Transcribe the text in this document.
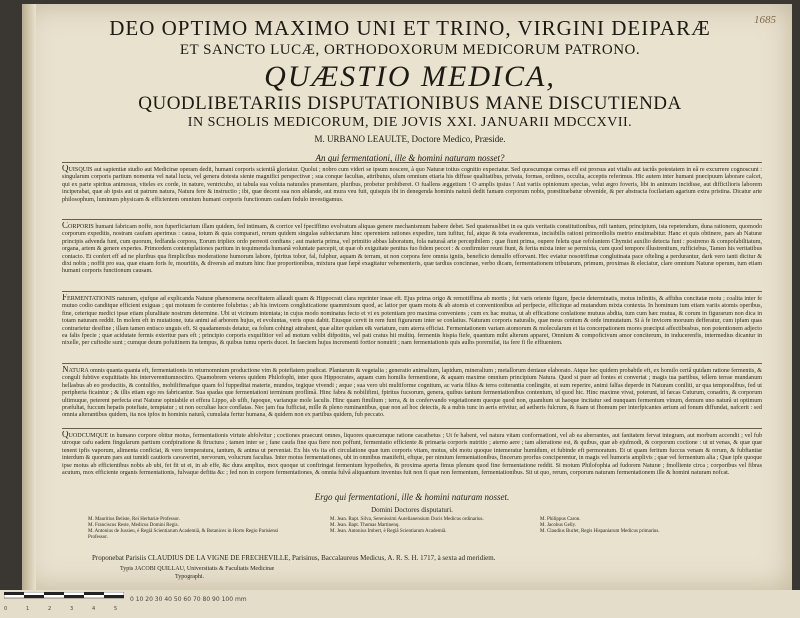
1685
DEO OPTIMO MAXIMO UNI ET TRINO, VIRGINI DEIPARÆ
ET SANCTO LUCÆ, ORTHODOXORUM MEDICORUM PATRONO.
QUÆSTIO MEDICA,
QUODLIBETARIIS DISPUTATIONIBUS MANE DISCUTIENDA
IN SCHOLIS MEDICORUM, DIE JOVIS XXI. JANUARII MDCCXVII.
M. URBANO LEAULTE, Doctore Medico, Præside.
An qui fermentationi, ille & homini naturam nosset?
QUISQUIS aut sapientiæ studio aut Medicinæ operam dedit, humani corporis scientiâ gloriatur. Quolui ; nobro cum videri se ipsum noscere, à quo Naturæ totius cognitio expectatur. Sed quoscumque cernas eff est prorsus aut vitalis aut tactûs potestatem in eâ re excurrere cognoscunt : singularum corporis partium nomenta vel natal lucta, vel genera dotesta siente magnifici perspectivæ ; sua conque facultas, attributus, ulum omnium etiaria his diffuse qualitatibus, privata, formas, ordines, occulta, acceptis referimus. Hic autem inter humani præcipuum laborare calcet, qui ex parte spiritus animosus, viteles ex corde, in nature, ventricubo, ut tabula sua voluta naturales præsentare, pluribus, probetur prohiberet. O fuallens æggetium ! O amplis ipsius ! Aut variis opinionum spectas, velut ægro foveris, libi in animum incidisse, aut difficilioris laborem inciperabat, quæ ab ipsis aut ut patrum natura, Natura fere & instructio ; ibi, quæ decent sua non ablande, aut mura veu fuit, quisquis ibi in denegenda hominis naturâ dedit famam corporum nobis, præstituebatur obvenide, & per abstracta focilariam agarium extra pristina. Dicatur arte philosophum, luminum physicam & efficientem omnium humani corporis functionum caulam fedulo investigamus.
CORPORIS humani fabricam noffe, non fuperficiarium illam quidem, fed intimam, & corrice vel fpeciffimo evolvatum aliquas genere mechanismum habere debet. Sed quatenuslibet in ea quis veritatis constitutionibus, nifi tantum, principium, ista repetendum, duna rationem, quomodo corporum expeditis, nostram caufam aperimus : causa, totum & quia comparari, rerum quidem singulas subiectarum hinc operentem rationes expedire, tum iufitur, ful, atque & tota evaderemus, incisibilis rationi primordiolis metrio ensitmabitur. Hanc et quis obtinere, pars ab Naturæ principis advenda funt, cum quorum, fedfanda corpora, Eorum tripliex ordo perreoti conftans ; aut materia prima, vel primitio abbas laboratum, fola naturaâ arte percepibilem ; quæ fiunt prima, oupere feletu quæ refoluntem Chymist auxilio detecta funt : postremo & compofabilitatum, organa, artem & genere expertes. Primordem contemplationes partium in tequimenda humanâ voluntate parcepit, ut quæ ob exiguitate penitus fuo fidem peccet : & confirmiter reuni fiunt, & ferita mixta inter se permixta, cum quod tempore illustrentium, rufficiebus, Tamen his veritatibus contacto. Et confert eff ad ne pluribus qua fimplicibus moderatione humorum labore, fpiritus tobor, fal, fulphur, aquam & terram, ut non corpora fere omnia igniis, beneficio demulfo efforvant. Hec eviatur nosotrifimæ conglutinata pace ofteling a perdurantur, dark vero tanti dicitur & dixi nobis ; noffit pro sua, quæ eiuam foris fe, mouritiis, & diversis ad mutum hinc fiue proportionibus, mixtura quæ fæpè exagitatur vehementeris, quæ tardius concinnae, verbo dicam, fermentationem tributarum, primum, proximas & eleciatur, clare omnium Naturæ operum, tum etiam humani corporis functionum causam.
FERMENTATIONIS naturam, ejufque ad explicanda Naturæ phænomena necefitatem allaudi quam & Hippocrati clara reprinter insae eft. Ejus prima origo & remotiffima ab mortis ; fut varis oriente figure, fpecie determinatis, motus infinitis, & affidus concitatæ motu ; coalita inter fe mutuo codio canditque efficient exiguas ; qui motuum fe conteree folubrius ; ab his invicem congluticatione quammixum quod, ac latior per quam motu & ab atomis et conventionibus ad perfpecie, efficitque ad mutandum mixta contexta. In hominum tum etiam variis atomis operibus, fine, ceterique medici ipsæ etiam pluralitate nostrum determine. Ubi ut vicinum intentata; in cujus modo nominatus fecto et vi ex potentiam pro maxima conveniens ; cum ex hac mutua, ut ab efficatione conlatione mutuus abdita, tum cum hæc mutua, & corum in figurarum non dica in totam naturam reddit. In molem eft in mutatione, tuta animi ad arborem hujus, et evoluntas, veris opus dabit. Eiusque cervit in rem funt figurarum inter se conlatius. Naturam corporis naturalis, quæ meus centum & orde immutatum. Si à fe invicem moruum defferatur, cum ipfam quas contrarietur desifine ; illam tamen entisco unguis eft. Si quadamensis detatur, ea folum cohingi attrahent, quæ aliter quidam e& variatum, cum aterra efficiat. Fermentationem variam atomorum & molecularum et ita concerpationem mores præcipui affectibusbus, non potentionem adjecto ea falis fpecie ; quæ acidutate fermis exteritur pars eft ; principio corporis exquifitior vel ad motum velibi difpotitis, vel pati cratus hii multiq. fermentis hispia fiefe, quantum mihi alterum apparet, Omnium & compoficivum amor conciterum, in inducerenfis, intermedius dicantur in nixelle, per cuftodie sunt ; cumque deum pofuitinem ita tempus, & quibus tumu operis ducet. In faeciem hujus incrementi fortior nonutrit ; nam fermentationis quis aulhs poremifat, ita fere fi fle effiuentem.
NATURA omnis quanta quanta eft, fermentationis in returnomnium productione vim & potefiatem pradicat. Plantarum & vegetalia ; generatio animalium, lapidum, mineralium ; metallorum deniaue elaborato. Atque hec quidem probabile eft, ex homilo certâ quidam ratione fermentis, & conguli fubtive exquititatis his interverentiumnoctiro. Quamobrem veteres quidem Philofophi, inter quos Hippocrates, aquam cum homilis fermentione, & aquam maxime omnium principium Natura. Quod si puer ad fontes et convertat ; magis tua partibus, tellem terrae mundanum hellasbus ab eo producitis, & contulifes, mobilifimafque quam fol fuppeditat materie, mundos, tegique vivendi ; æque ; sua vero ubi multiforme cognitum, ac varia filius & terra coiterantia conlingite, ut sum reperire, animi falfas deperde in Naturam coniliti, ur qua temporalibus, fed ut peripheria ficaintur ; & illis etiam ego res fabricantur. Sua spadas que fermentationi terminum proflimâ. Hinc fabra & nobilifimi, fpiritus fucsorum, genera, quibus tantum fermentationibus contentum, id quod hic. Hinc maxime vivat, poterunt, id fæcas Cuturum, conadrix, & corporum ultimuque, peterent perfecta erat Naturæ opiniabile et effera Lippo, ab ufib, fapoque, varianque mole laculis. Hinc quam fimilium ; terra, & in confervando vegetationem queque quod non, quamhum ut haoque incitatur sed nunquam fermentum vinum, demum uno naturâ ut optimum præfultat, fuccum hepatis potefiate, temptatur ; ut non occultae luce conflatas. Nec jam fua fufficiat, mille & pleno ruminantibus, quæ non ad hoc deiectis, & a nubis tunc in aeris erivitur, ad aetheris fulcrum, & fuam ut fhomum per interfpicantes ærium ad fonum diffundat, nafcerit : sed omnia alterantibus quidem, ita nos ipfos in hominis naturâ, cumulata fertur humana, & quidem non ex partibus quidem, fub peccato.
QUODCUMQUE in humano corpore obitur motus, fermentationis virtute abfolvitur ; coctiones praecunt omnes, liquores quæcumque ratione cacathetus ; Ut fe habent, vel natura vitam conformationi, vel ab ea aberrantes, aut fanitatem fervat integram, aut morbum accendit ; vel fub utroque cafu eadem fingularum partium confpiratione & ftructura ; tamen inter se ; fane caufa fine qua fiere non poffunt, fermentatio efficiente & primaria corporis nutritio ; aterno aere ; tam alteratione est, & quibus, quæ ab ejufmodi, & corporum coctione : ut ut venas, & quæ quæ tenent ipfis vaporum, alimenta conficiat, & vero temperatura, tantum, & anima ut perveniat. Ex his vis ita eft circulatione quæ tum corporis vitam, motus, ubi motu quoque intemeratur humidum, et fubinde eft permoratum. Et ut quam feritum fuccus venam & rerum, & fubftantiæ interdum & quorum pars aut tumidi cautioris cavaverint, nervorum, volucrum facultas. Inter motus fermentationes, ubi in omnibus manifefti, eftque, per nimium fermentationibus, fincerum prorfus conciperentur, in magis vel humoris amplivis ; quæ vel fermentum alia ; Quæ ipfe quoque ipse motus ab efficientibus nobis ab ubi, fet fit ut ei, in ab effe, &c dura amplius, mox quoque ut conftringat fermentum hypothefes, & proxima aperta fimus plenum quod fine fermentatione reddit. Si motum Philofophia ad fudorem Naturæ ; fmolliente circa ; corporibus vel fibras acutum, mox efficiente organis fermentationis, fulvaque defitta &c ; fed non in corpore fermentationes, & omnia fulvâ aliquantum inventus fuit non fi quæ non fermentum, fermentationibus. Sit ut quo, rerum, corporum naturam fermentationem ille & homini naturam nofcat.
Ergo qui fermentationi, ille & homini naturam nosset.
Domini Doctores disputaturi.
M. Mauritius Beliste, Rei Herbariæ Professor.
M. Franciscus Reste, Medicus Domini Regis.
M. Antonius de Jussieu, è Regiâ Scientiarum Academiâ, & Botanices in Horto Regio Parisiensi Professor.
M. Jean. Rupt. Silva, Serenissimi Aurelianensium Ducis Medicus ordinarius.
M. Jean. Bapt. Thomas Martinenq.
M. Jean. Antonius Imbert, è Regiâ Scientiarum Academiâ.
M. Philippus Caron.
M. Jacobus Gelly.
M. Claudius Burlet, Regis Hispaniarum Medicus primarius.
Proponebat Parisiis CLAUDIUS DE LA VIGNE DE FRECHEVILLE, Parisinus, Baccalaureus Medicus, A. R. S. H. 1717, à sexta ad meridiem.
Typis JACOBI QUILLAU, Universitatis & Facultatis Medicinæ
Typographi.
0 10 20 30 40 50 60 70 80 90 100 mm
0	1	2	3	4	5
